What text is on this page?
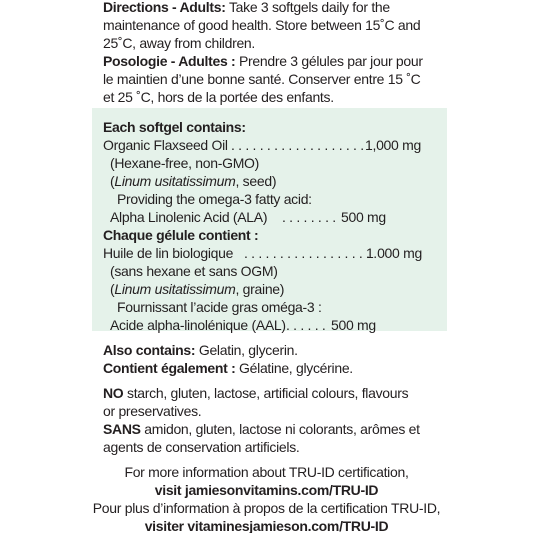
Directions - Adults: Take 3 softgels daily for the

maintenance of good health. Store between 15˚C and

25˚C, away from children.

Posologie - Adultes : Prendre 3 gélules par jour pour

le maintien d’une bonne santé. Conserver entre 15 ˚C

et 25 ˚C, hors de la portée des enfants.

Each softgel contains:

Organic Flaxseed Oil . . . . . . . . . . . . . . . . . . . .
1,000 mg

(Hexane-free, non-GMO)

(Linum usitatissimum, seed)

Providing the omega-3 fatty acid:

Alpha Linolenic Acid (ALA) . . . . . . . . 500 mg

Chaque gélule contient :

Huile de lin biologique . . . . . . . . . . . . . . . . . . .
1 000 mg

(sans hexane et sans OGM)

(Linum usitatissimum, graine)

Fournissant l’acide gras oméga-3 :

Acide alpha-linolénique (AAL) . . . . . . 500 mg

Also contains: Gelatin, glycerin.

Contient également : Gélatine, glycérine.

NO starch, gluten, lactose, artificial colours, flavours

or preservatives.

SANS amidon, gluten, lactose ni colorants, arômes et

agents de conservation artificiels.

For more information about TRU-ID certification,

visit jamiesonvitamins.com/TRU-ID

Pour plus d’information à propos de la certification TRU-ID,

visiter vitaminesjamieson.com/TRU-ID
